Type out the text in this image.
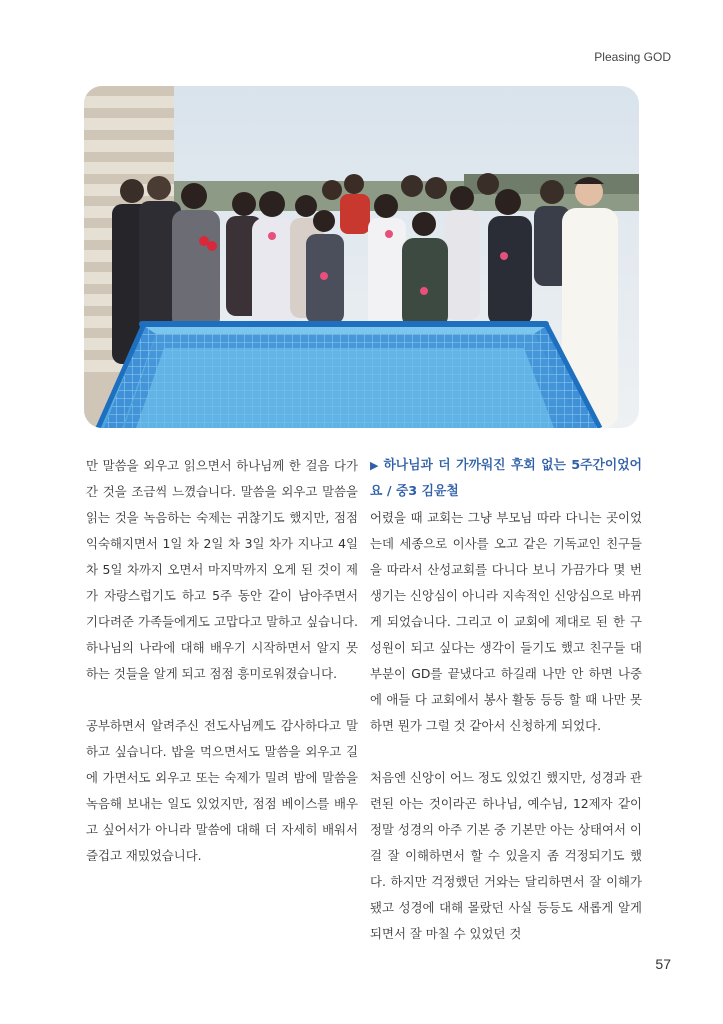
Pleasing GOD

만 말씀을 외우고 읽으면서 하나님께 한 걸음 다가간 것을 조금씩 느꼈습니다. 말씀을 외우고 말씀을 읽는 것을 녹음하는 숙제는 귀찮기도 했지만, 점점 익숙해지면서 1일 차 2일 차 3일 차가 지나고 4일 차 5일 차까지 오면서 마지막까지 오게 된 것이 제가 자랑스럽기도 하고 5주 동안 같이 남아주면서 기다려준 가족들에게도 고맙다고 말하고 싶습니다. 하나님의 나라에 대해 배우기 시작하면서 알지 못하는 것들을 알게 되고 점점 흥미로워졌습니다.

공부하면서 알려주신 전도사님께도 감사하다고 말하고 싶습니다. 밥을 먹으면서도 말씀을 외우고 길에 가면서도 외우고 또는 숙제가 밀려 밤에 말씀을 녹음해 보내는 일도 있었지만, 점점 베이스를 배우고 싶어서가 아니라 말씀에 대해 더 자세히 배워서 즐겁고 재밌었습니다.

▶ 하나님과 더 가까워진 후회 없는 5주간이었어요 / 중3 김윤철

어렸을 때 교회는 그냥 부모님 따라 다니는 곳이었는데 세종으로 이사를 오고 같은 기독교인 친구들을 따라서 산성교회를 다니다 보니 가끔가다 몇 번 생기는 신앙심이 아니라 지속적인 신앙심으로 바뀌게 되었습니다. 그리고 이 교회에 제대로 된 한 구성원이 되고 싶다는 생각이 들기도 했고 친구들 대부분이 GD를 끝냈다고 하길래 나만 안 하면 나중에 애들 다 교회에서 봉사 활동 등등 할 때 나만 못하면 뭔가 그럴 것 같아서 신청하게 되었다.

처음엔 신앙이 어느 정도 있었긴 했지만, 성경과 관련된 아는 것이라곤 하나님, 예수님, 12제자 같이 정말 성경의 아주 기본 중 기본만 아는 상태여서 이걸 잘 이해하면서 할 수 있을지 좀 걱정되기도 했다. 하지만 걱정했던 거와는 달리하면서 잘 이해가 됐고 성경에 대해 몰랐던 사실 등등도 새롭게 알게 되면서 잘 마칠 수 있었던 것

57
